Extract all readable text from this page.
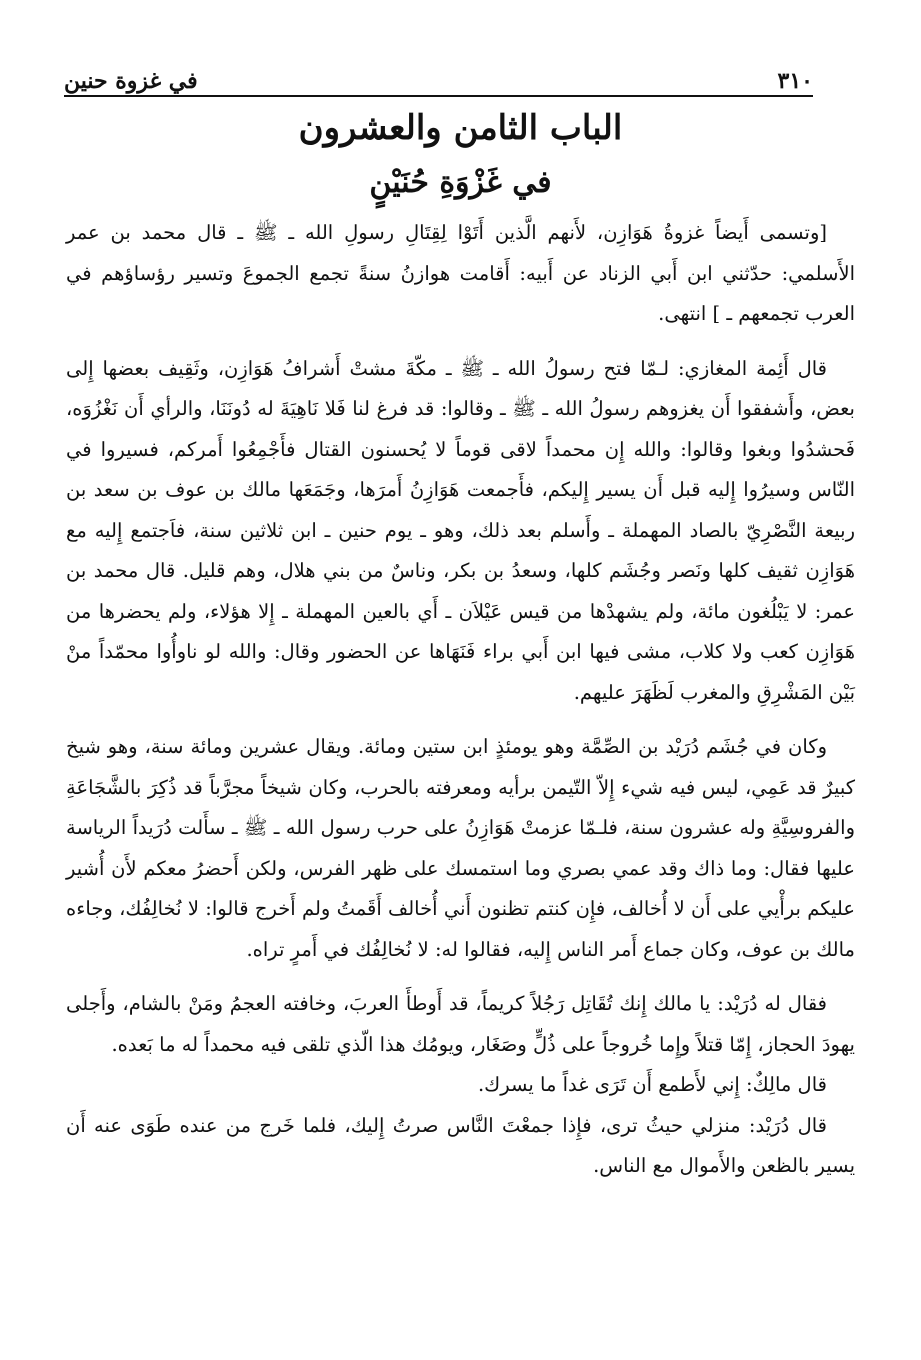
٣١٠
في غزوة حنين
الباب الثامن والعشرون
في غَزْوَةِ حُنَيْنٍ

[وتسمى أَيضاً غزوةُ هَوَازِن، لأَنهم الَّذين أَتَوْا لِقِتَالِ رسولِ الله ـ ﷺ ـ قال محمد بن عمر الأَسلمي: حدّثني ابن أَبي الزناد عن أَبيه: أَقامت هوازنُ سنةً تجمع الجموعَ وتسير رؤساؤهم في العرب تجمعهم ـ ] انتهى.

قال أَئِمة المغازي: لـمّا فتح رسولُ الله ـ ﷺ ـ مكّةَ مشتْ أَشرافُ هَوَازِن، وثَقِيف بعضها إِلى بعض، وأَشفقوا أَن يغزوهم رسولُ الله ـ ﷺ ـ وقالوا: قد فرغ لنا فَلا نَاهِيَةَ له دُونَنَا، والرأي أَن نَغْزُوَه، فَحشدُوا وبغوا وقالوا: والله إِن محمداً لاقى قوماً لا يُحسنون القتال فأَجْمِعُوا أَمركم، فسيروا في النّاس وسيرُوا إِليه قبل أَن يسير إِليكم، فأَجمعت هَوَازِنُ أَمرَها، وجَمَعَها مالك بن عوف بن سعد بن ربيعة النَّصْرِيّ بالصاد المهملة ـ وأَسلم بعد ذلك، وهو ـ يوم حنين ـ ابن ثلاثين سنة، فاَجتمع إِليه مع هَوَازِن ثقيف كلها ونَصر وجُشَم كلها، وسعدُ بن بكر، وناسٌ من بني هلال، وهم قليل. قال محمد بن عمر: لا يَبْلُغون مائة، ولم يشهدْها من قيس عَيْلاَن ـ أَي بالعين المهملة ـ إِلا هؤلاء، ولم يحضرها من هَوَازِن كعب ولا كلاب، مشى فيها ابن أَبي براء فَنَهَاها عن الحضور وقال: والله لو ناوأُوا محمّداً منْ بَيْن المَشْرِقِ والمغرب لَظَهَرَ عليهم.

وكان في جُشَم دُرَيْد بن الصِّمَّة وهو يومئذٍ ابن ستين ومائة. ويقال عشرين ومائة سنة، وهو شيخ كبيرٌ قد عَمِي، ليس فيه شيء إِلاّ التّيمن برأيه ومعرفته بالحرب، وكان شيخاً مجرَّباً قد ذُكِرَ بالشَّجَاعَةِ والفروسِيَّةِ وله عشرون سنة، فلـمّا عزمتْ هَوَازِنُ على حرب رسول الله ـ ﷺ ـ سأَلت دُرَيداً الرياسة عليها فقال: وما ذاك وقد عمي بصري وما استمسك على ظهر الفرس، ولكن أَحضرُ معكم لأَن أُشير عليكم برأْيي على أَن لا أُخالف، فإِن كنتم تظنون أَني أُخالف أَقَمتُ ولم أَخرج قالوا: لا نُخالِفُك، وجاءه مالك بن عوف، وكان جماع أَمر الناس إِليه، فقالوا له: لا نُخالِفُك في أَمرٍ تراه.

فقال له دُرَيْد: يا مالك إِنك تُقَاتِل رَجُلاً كريماً، قد أَوطأَ العربَ، وخافته العجمُ ومَنْ بالشام، وأَجلى يهودَ الحجاز، إِمّا قتلاً وإِما خُروجاً على ذُلٍّ وصَغَار، ويومُك هذا الّذي تلقى فيه محمداً له ما بَعده.

قال مالِكٌ: إِني لأَطمع أَن تَرَى غداً ما يسرك.

قال دُرَيْد: منزلي حيثُ ترى، فإِذا جمعْتَ النَّاس صرتُ إِليك، فلما خَرج من عنده طَوَى عنه أَن يسير بالظعن والأَموال مع الناس.
